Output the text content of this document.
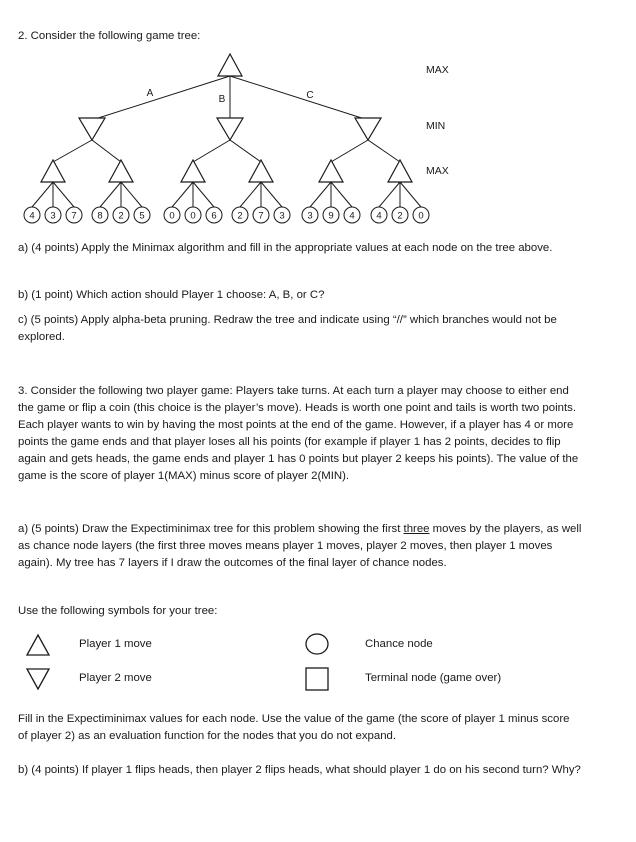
2. Consider the following game tree:

4 3 7 8 2 5	0 0 6 2 7 3 3 9 4 4 2 0
A
B	C
MAX
MIN
MAX

a) (4 points) Apply the Minimax algorithm and fill in the appropriate values at each node on the tree above.

b) (1 point) Which action should Player 1 choose: A, B, or C?

c) (5 points) Apply alpha-beta pruning. Redraw the tree and indicate using “//” which branches would not be explored.

3. Consider the following two player game: Players take turns. At each turn a player may choose to either end the game or flip a coin (this choice is the player’s move). Heads is worth one point and tails is worth two points. Each player wants to win by having the most points at the end of the game. However, if a player has 4 or more points the game ends and that player loses all his points (for example if player 1 has 2 points, decides to flip again and gets heads, the game ends and player 1 has 0 points but player 2 keeps his points). The value of the game is the score of player 1(MAX) minus score of player 2(MIN).

a) (5 points) Draw the Expectiminimax tree for this problem showing the first three moves by the players, as well as chance node layers (the first three moves means player 1 moves, player 2 moves, then player 1 moves again). My tree has 7 layers if I draw the outcomes of the final layer of chance nodes.

Use the following symbols for your tree:

Player 1 move
Player 2 move
Chance node
Terminal node (game over)

Fill in the Expectiminimax values for each node. Use the value of the game (the score of player 1 minus score of player 2) as an evaluation function for the nodes that you do not expand.

b) (4 points) If player 1 flips heads, then player 2 flips heads, what should player 1 do on his second turn? Why?
